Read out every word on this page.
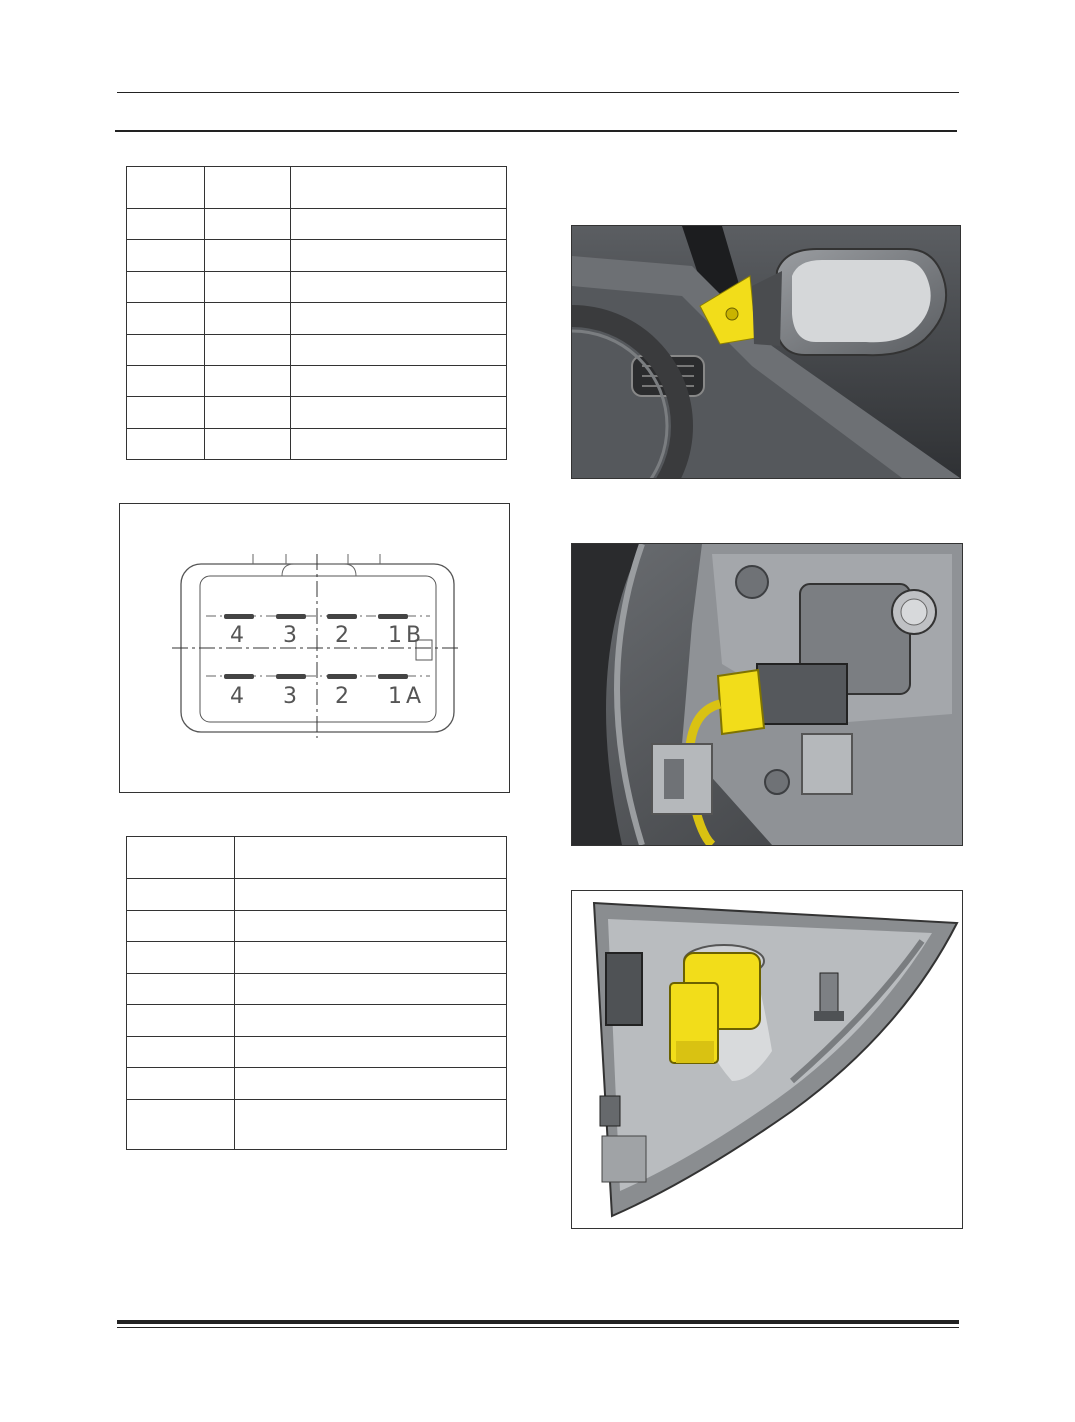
4 3 2 1 B
4 3 2 1 A
